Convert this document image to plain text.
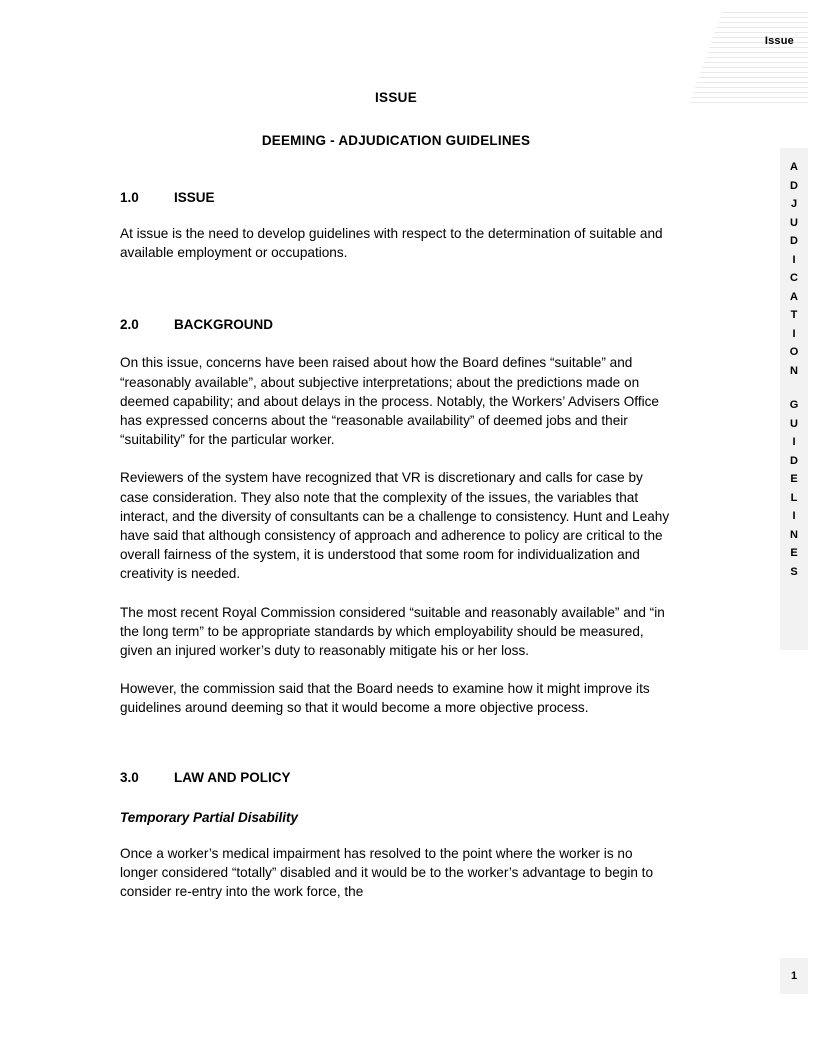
Issue
A
D
J
U
D
I
C
A
T
I
O
N
G
U
I
D
E
L
I
N
E
S
1
ISSUE
DEEMING - ADJUDICATION GUIDELINES
1.0	ISSUE

At issue is the need to develop guidelines with respect to the determination of suitable and available employment or occupations.

2.0	BACKGROUND

On this issue, concerns have been raised about how the Board defines “suitable” and “reasonably available”, about subjective interpretations; about the predictions made on deemed capability; and about delays in the process. Notably, the Workers’ Advisers Office has expressed concerns about the “reasonable availability” of deemed jobs and their “suitability” for the particular worker.

Reviewers of the system have recognized that VR is discretionary and calls for case by case consideration. They also note that the complexity of the issues, the variables that interact, and the diversity of consultants can be a challenge to consistency. Hunt and Leahy have said that although consistency of approach and adherence to policy are critical to the overall fairness of the system, it is understood that some room for individualization and creativity is needed.

The most recent Royal Commission considered “suitable and reasonably available” and “in the long term” to be appropriate standards by which employability should be measured, given an injured worker’s duty to reasonably mitigate his or her loss.

However, the commission said that the Board needs to examine how it might improve its guidelines around deeming so that it would become a more objective process.

3.0	LAW AND POLICY
Temporary Partial Disability

Once a worker’s medical impairment has resolved to the point where the worker is no longer considered “totally” disabled and it would be to the worker’s advantage to begin to consider re-entry into the work force, the
